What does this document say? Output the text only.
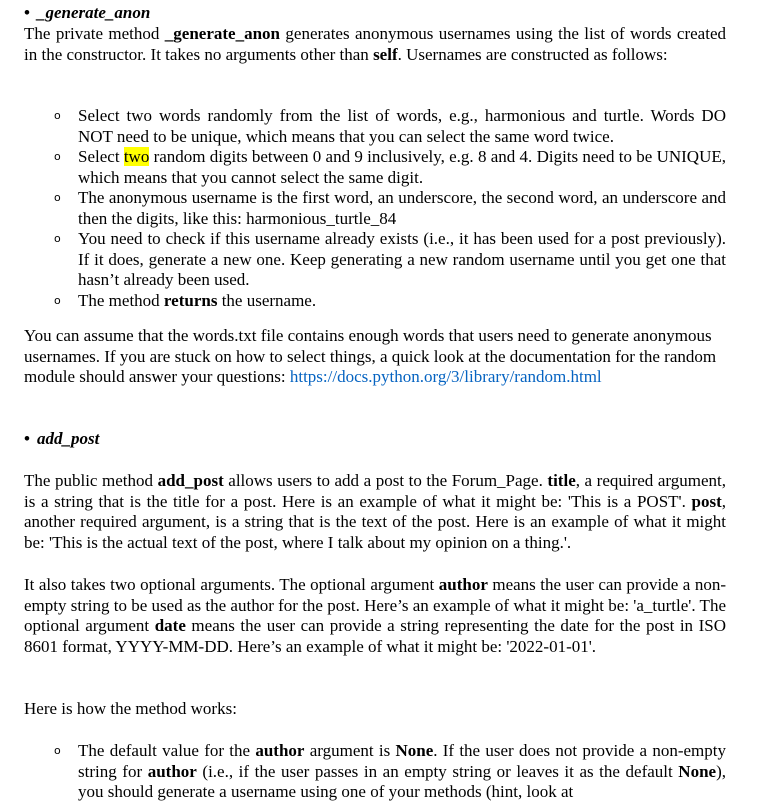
• _generate_anon
The private method _generate_anon generates anonymous usernames using the list of words created in the constructor. It takes no arguments other than self. Usernames are constructed as follows:
o Select two words randomly from the list of words, e.g., harmonious and turtle. Words DO NOT need to be unique, which means that you can select the same word twice.
o Select two random digits between 0 and 9 inclusively, e.g. 8 and 4. Digits need to be UNIQUE, which means that you cannot select the same digit.
o The anonymous username is the first word, an underscore, the second word, an underscore and then the digits, like this: harmonious_turtle_84
o You need to check if this username already exists (i.e., it has been used for a post previously). If it does, generate a new one. Keep generating a new random username until you get one that hasn’t already been used.
o The method returns the username.
You can assume that the words.txt file contains enough words that users need to generate anonymous usernames. If you are stuck on how to select things, a quick look at the documentation for the random module should answer your questions: https://docs.python.org/3/library/random.html
• add_post
The public method add_post allows users to add a post to the Forum_Page. title, a required argument, is a string that is the title for a post. Here is an example of what it might be: 'This is a POST'. post, another required argument, is a string that is the text of the post. Here is an example of what it might be: 'This is the actual text of the post, where I talk about my opinion on a thing.'.
It also takes two optional arguments. The optional argument author means the user can provide a non-empty string to be used as the author for the post. Here’s an example of what it might be: 'a_turtle'. The optional argument date means the user can provide a string representing the date for the post in ISO 8601 format, YYYY-MM-DD. Here’s an example of what it might be: '2022-01-01'.
Here is how the method works:
o The default value for the author argument is None. If the user does not provide a non-empty string for author (i.e., if the user passes in an empty string or leaves it as the default None), you should generate a username using one of your methods (hint, look at
